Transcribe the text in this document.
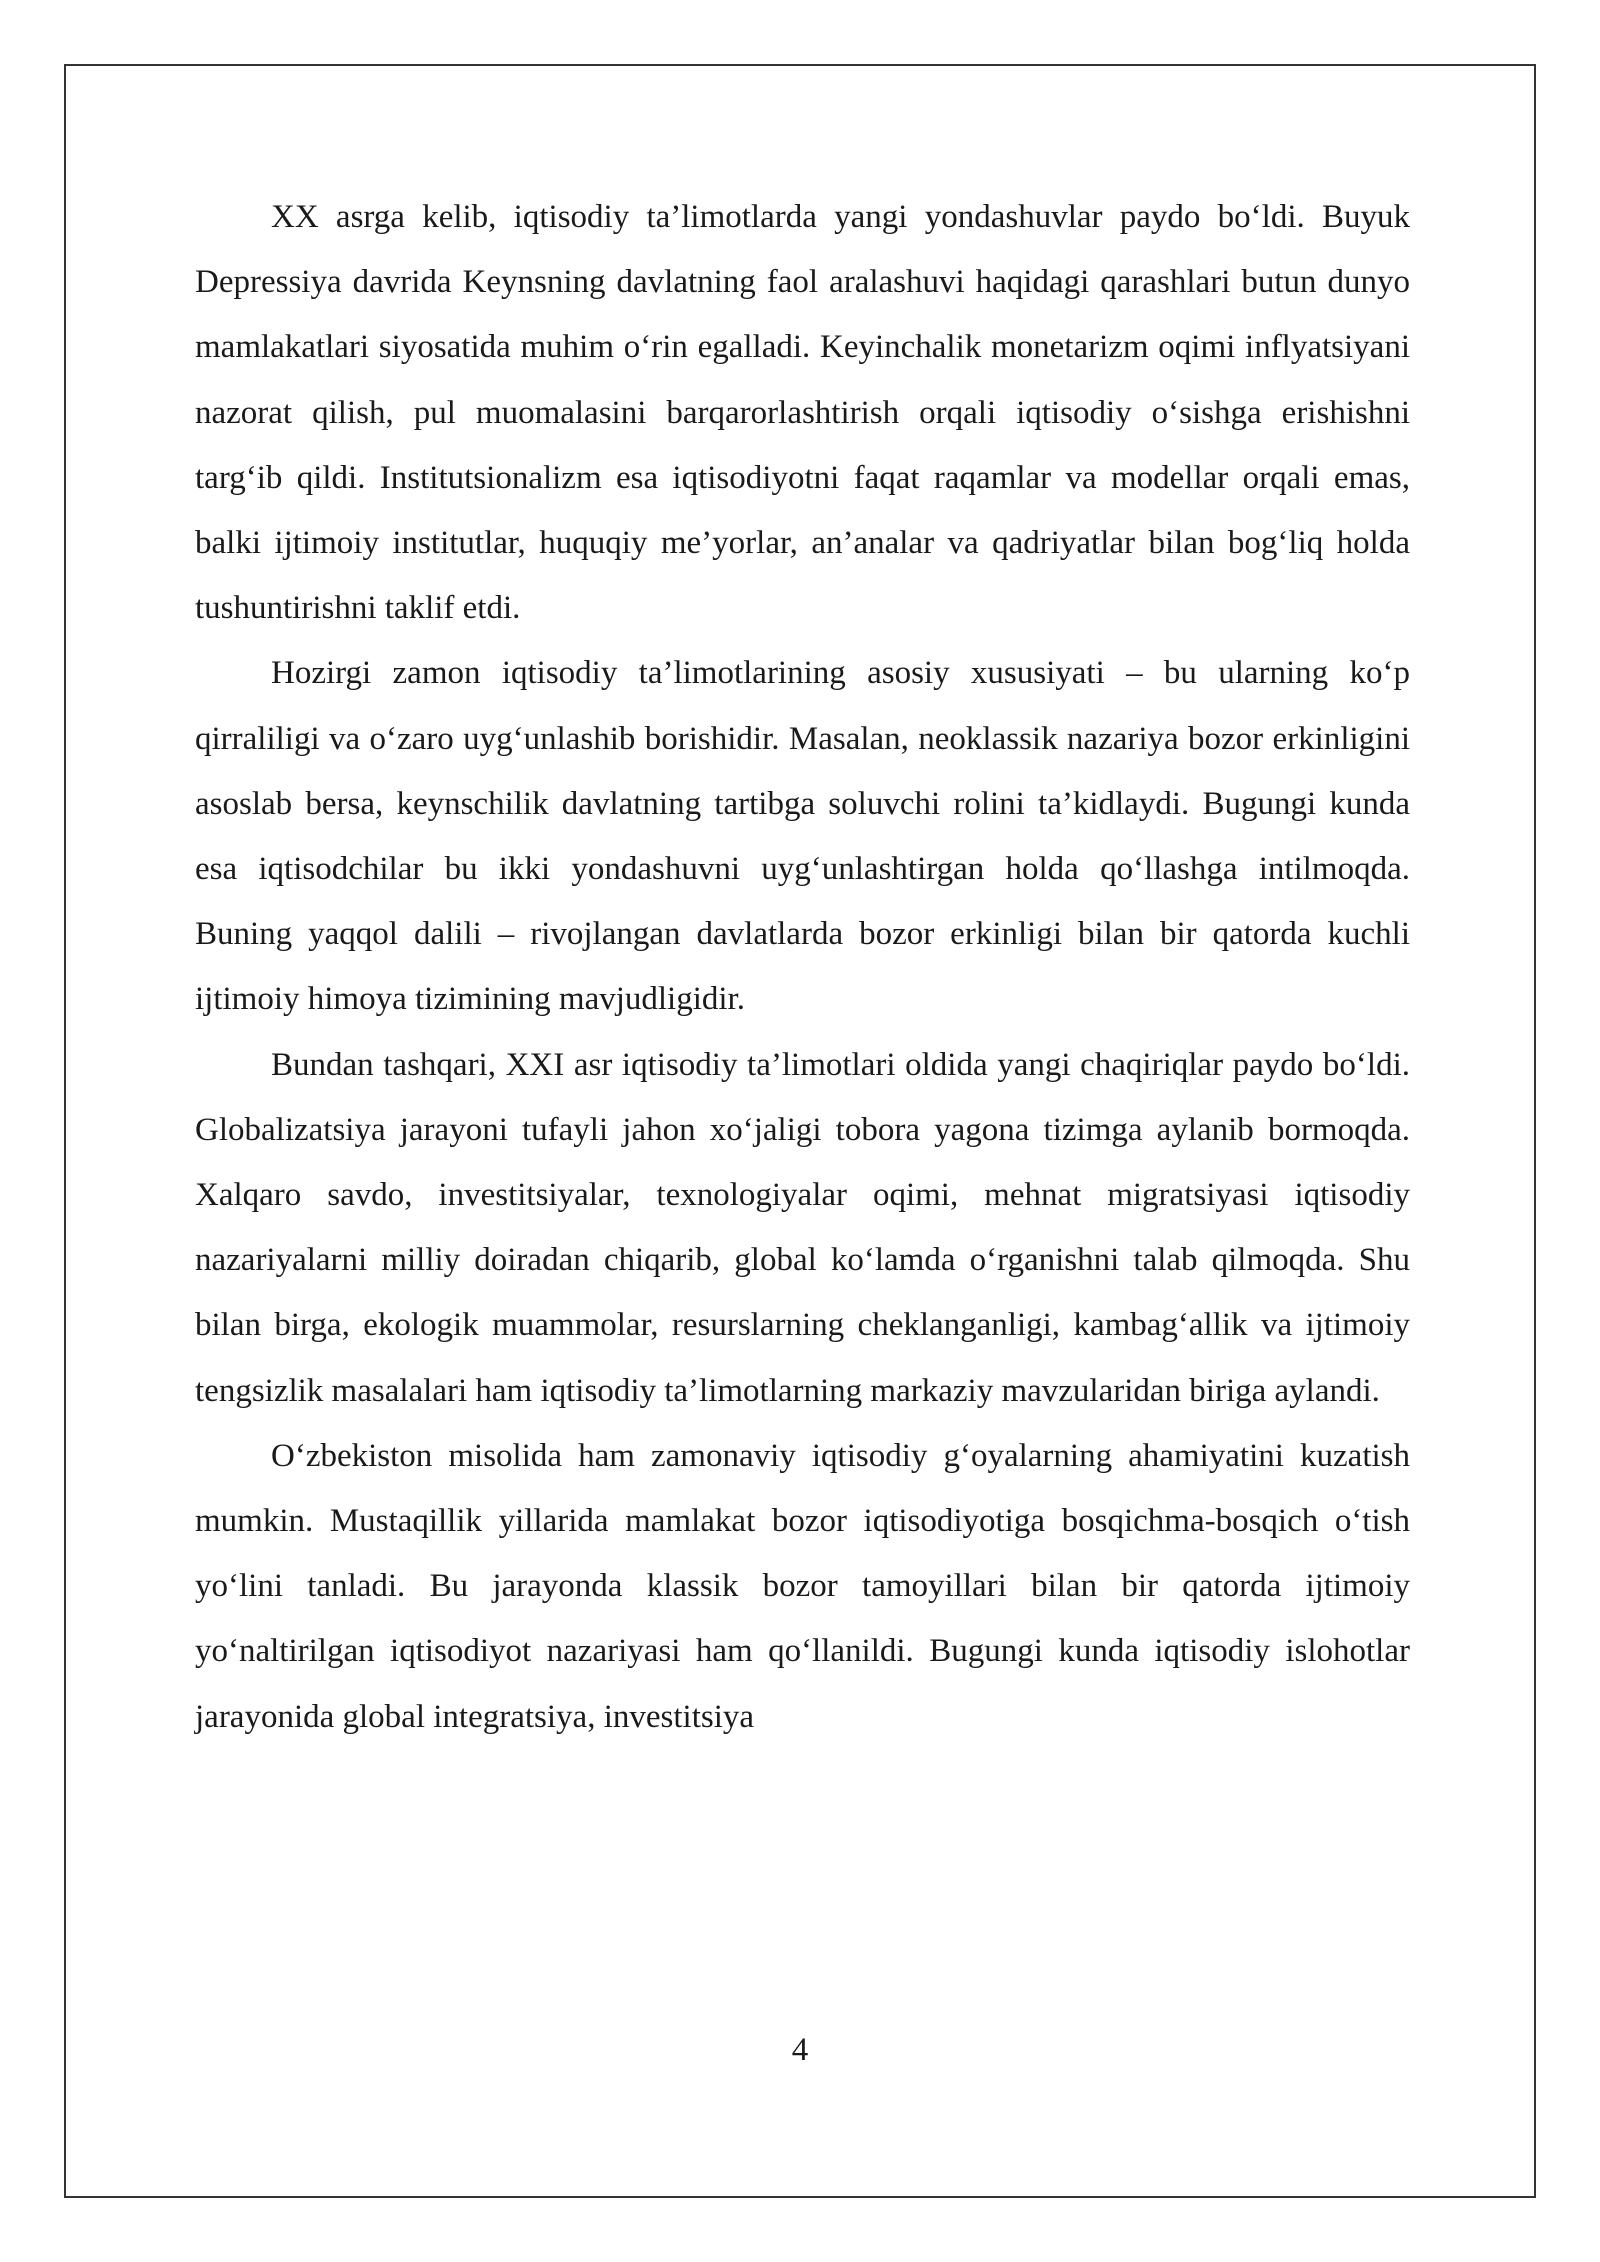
XX asrga kelib, iqtisodiy ta’limotlarda yangi yondashuvlar paydo bo‘ldi. Buyuk Depressiya davrida Keynsning davlatning faol aralashuvi haqidagi qarashlari butun dunyo mamlakatlari siyosatida muhim o‘rin egalladi. Keyinchalik monetarizm oqimi inflyatsiyani nazorat qilish, pul muomalasini barqarorlashtirish orqali iqtisodiy o‘sishga erishishni targ‘ib qildi. Institutsionalizm esa iqtisodiyotni faqat raqamlar va modellar orqali emas, balki ijtimoiy institutlar, huquqiy me’yorlar, an’analar va qadriyatlar bilan bog‘liq holda tushuntirishni taklif etdi.

Hozirgi zamon iqtisodiy ta’limotlarining asosiy xususiyati – bu ularning ko‘p qirraliligi va o‘zaro uyg‘unlashib borishidir. Masalan, neoklassik nazariya bozor erkinligini asoslab bersa, keynschilik davlatning tartibga soluvchi rolini ta’kidlaydi. Bugungi kunda esa iqtisodchilar bu ikki yondashuvni uyg‘unlashtirgan holda qo‘llashga intilmoqda. Buning yaqqol dalili – rivojlangan davlatlarda bozor erkinligi bilan bir qatorda kuchli ijtimoiy himoya tizimining mavjudligidir.

Bundan tashqari, XXI asr iqtisodiy ta’limotlari oldida yangi chaqiriqlar paydo bo‘ldi. Globalizatsiya jarayoni tufayli jahon xo‘jaligi tobora yagona tizimga aylanib bormoqda. Xalqaro savdo, investitsiyalar, texnologiyalar oqimi, mehnat migratsiyasi iqtisodiy nazariyalarni milliy doiradan chiqarib, global ko‘lamda o‘rganishni talab qilmoqda. Shu bilan birga, ekologik muammolar, resurslarning cheklanganligi, kambag‘allik va ijtimoiy tengsizlik masalalari ham iqtisodiy ta’limotlarning markaziy mavzularidan biriga aylandi.

O‘zbekiston misolida ham zamonaviy iqtisodiy g‘oyalarning ahamiyatini kuzatish mumkin. Mustaqillik yillarida mamlakat bozor iqtisodiyotiga bosqichma-bosqich o‘tish yo‘lini tanladi. Bu jarayonda klassik bozor tamoyillari bilan bir qatorda ijtimoiy yo‘naltirilgan iqtisodiyot nazariyasi ham qo‘llanildi. Bugungi kunda iqtisodiy islohotlar jarayonida global integratsiya, investitsiya

4
